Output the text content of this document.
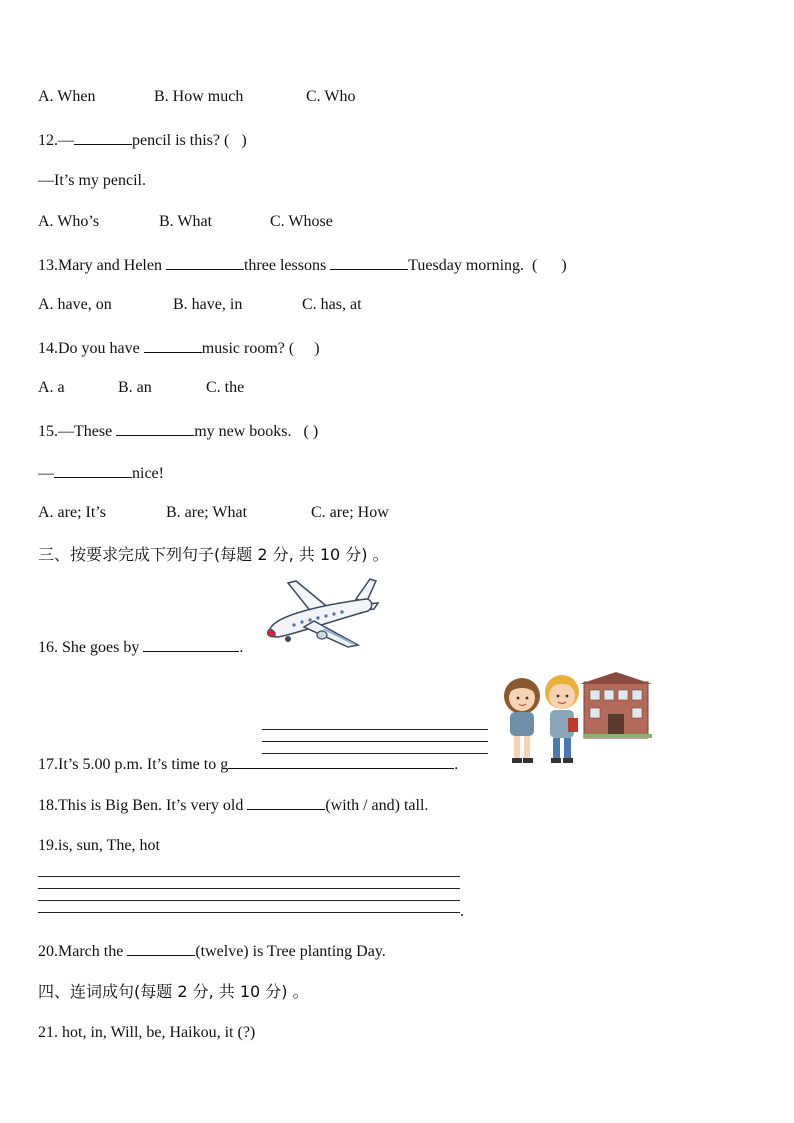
A. When	B. How much	C. Who
12.—	pencil is this? ( )
—It’s my pencil.
A. Who’s	B. What	C. Whose
13.Mary and Helen	three lessons	Tuesday morning. ( )
A. have, on	B. have, in	C. has, at
14.Do you have	music room? ( )
A. a	B. an	C. the
15.—These	my new books. ( )
—	nice!
A. are; It’s	B. are; What	C. are; How
三、按要求完成下列句子(每题 2 分, 共 10 分) 。
16. She goes by	.
17.It’s 5.00 p.m. It’s time to g	.
18.This is Big Ben. It’s very old	(with / and) tall.
19.is, sun, The, hot
.
20.March the	(twelve) is Tree planting Day.
四、连词成句(每题 2 分, 共 10 分) 。
21. hot, in, Will, be, Haikou, it (?)
